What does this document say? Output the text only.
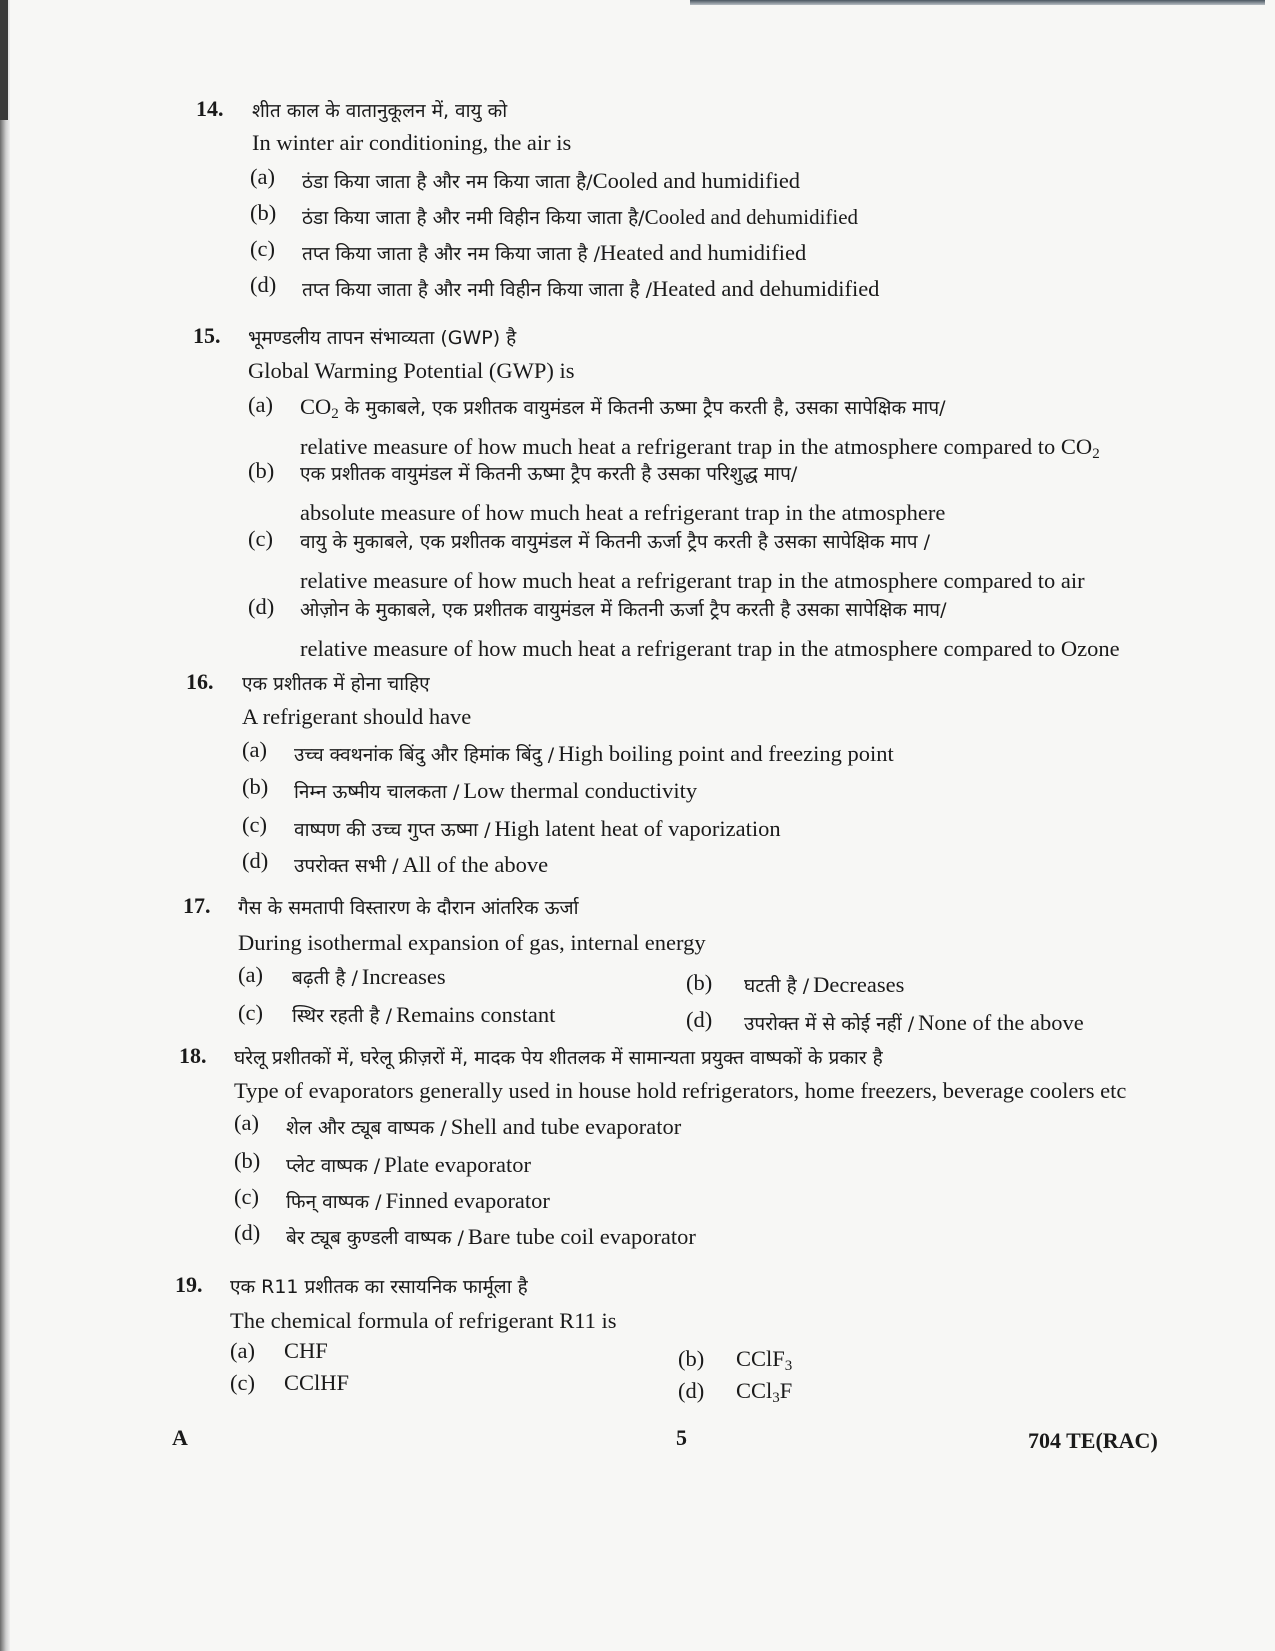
14. शीत काल के वातानुकूलन में, वायु को
In winter air conditioning, the air is
(a) ठंडा किया जाता है और नम किया जाता है/Cooled and humidified
(b) ठंडा किया जाता है और नमी विहीन किया जाता है/Cooled and dehumidified
(c) तप्त किया जाता है और नम किया जाता है /Heated and humidified
(d) तप्त किया जाता है और नमी विहीन किया जाता है /Heated and dehumidified
15. भूमण्डलीय तापन संभाव्यता (GWP) है
Global Warming Potential (GWP) is
(a) $CO_2$ के मुकाबले, एक प्रशीतक वायुमंडल में कितनी ऊष्मा ट्रैप करती है, उसका सापेक्षिक माप/
relative measure of how much heat a refrigerant trap in the atmosphere compared to $CO_2$
(b) एक प्रशीतक वायुमंडल में कितनी ऊष्मा ट्रैप करती है उसका परिशुद्ध माप/
absolute measure of how much heat a refrigerant trap in the atmosphere
(c) वायु के मुकाबले, एक प्रशीतक वायुमंडल में कितनी ऊर्जा ट्रैप करती है उसका सापेक्षिक माप /
relative measure of how much heat a refrigerant trap in the atmosphere compared to air
(d) ओज़ोन के मुकाबले, एक प्रशीतक वायुमंडल में कितनी ऊर्जा ट्रैप करती है उसका सापेक्षिक माप/
relative measure of how much heat a refrigerant trap in the atmosphere compared to Ozone
16. एक प्रशीतक में होना चाहिए
A refrigerant should have
(a) उच्च क्वथनांक बिंदु और हिमांक बिंदु / High boiling point and freezing point
(b) निम्न ऊष्मीय चालकता / Low thermal conductivity
(c) वाष्पण की उच्च गुप्त ऊष्मा / High latent heat of vaporization
(d) उपरोक्त सभी / All of the above
17. गैस के समतापी विस्तारण के दौरान आंतरिक ऊर्जा
During isothermal expansion of gas, internal energy
(a) बढ़ती है / Increases	(b) घटती है / Decreases
(c) स्थिर रहती है / Remains constant	(d) उपरोक्त में से कोई नहीं / None of the above
18. घरेलू प्रशीतकों में, घरेलू फ्रीज़रों में, मादक पेय शीतलक में सामान्यता प्रयुक्त वाष्पकों के प्रकार है
Type of evaporators generally used in house hold refrigerators, home freezers, beverage coolers etc
(a) शेल और ट्यूब वाष्पक / Shell and tube evaporator
(b) प्लेट वाष्पक / Plate evaporator
(c) फिन् वाष्पक / Finned evaporator
(d) बेर ट्यूब कुण्डली वाष्पक / Bare tube coil evaporator
19. एक R11 प्रशीतक का रसायनिक फार्मूला है
The chemical formula of refrigerant R11 is
(a) CHF	(b) CClF$_3$
(c) CClHF	(d) CCl$_3$F
A	5	704 TE(RAC)
